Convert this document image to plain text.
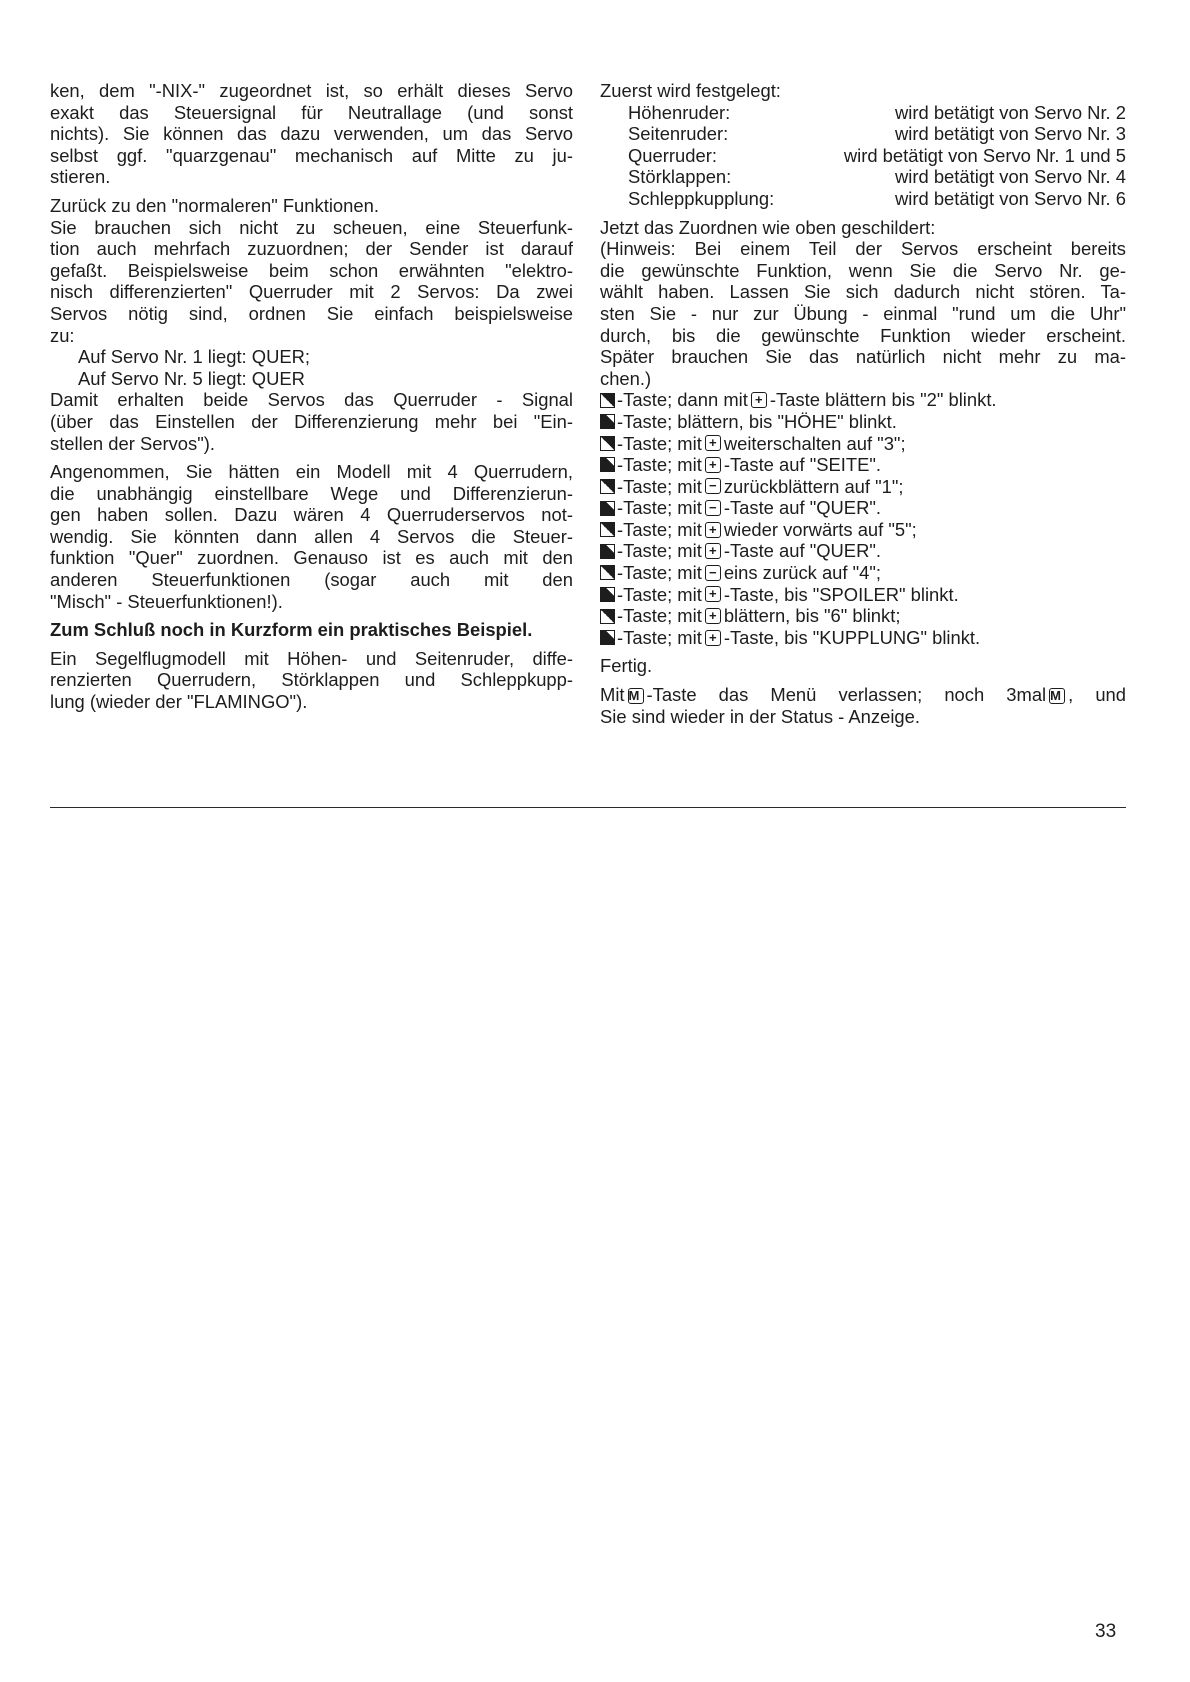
ken, dem "-NIX-" zugeordnet ist, so erhält dieses Servo
exakt das Steuersignal für Neutrallage (und sonst
nichts). Sie können das dazu verwenden, um das Servo
selbst ggf. "quarzgenau" mechanisch auf Mitte zu ju-
stieren.
Zurück zu den "normaleren" Funktionen.
Sie brauchen sich nicht zu scheuen, eine Steuerfunk-
tion auch mehrfach zuzuordnen; der Sender ist darauf
gefaßt. Beispielsweise beim schon erwähnten "elektro-
nisch differenzierten" Querruder mit 2 Servos: Da zwei
Servos nötig sind, ordnen Sie einfach beispielsweise
zu:
Auf Servo Nr. 1 liegt: QUER;
Auf Servo Nr. 5 liegt: QUER
Damit erhalten beide Servos das Querruder - Signal
(über das Einstellen der Differenzierung mehr bei "Ein-
stellen der Servos").
Angenommen, Sie hätten ein Modell mit 4 Querrudern,
die unabhängig einstellbare Wege und Differenzierun-
gen haben sollen. Dazu wären 4 Querruderservos not-
wendig. Sie könnten dann allen 4 Servos die Steuer-
funktion "Quer" zuordnen. Genauso ist es auch mit den
anderen Steuerfunktionen (sogar auch mit den
"Misch" - Steuerfunktionen!).
Zum Schluß noch in Kurzform ein praktisches Beispiel.
Ein Segelflugmodell mit Höhen- und Seitenruder, diffe-
renzierten Querrudern, Störklappen und Schleppkupp-
lung (wieder der "FLAMINGO").
Zuerst wird festgelegt:
Höhenruder:	wird betätigt von Servo Nr. 2
Seitenruder:	wird betätigt von Servo Nr. 3
Querruder:	wird betätigt von Servo Nr. 1 und 5
Störklappen:	wird betätigt von Servo Nr. 4
Schleppkupplung:	wird betätigt von Servo Nr. 6
Jetzt das Zuordnen wie oben geschildert:
(Hinweis: Bei einem Teil der Servos erscheint bereits
die gewünschte Funktion, wenn Sie die Servo Nr. ge-
wählt haben. Lassen Sie sich dadurch nicht stören. Ta-
sten Sie - nur zur Übung - einmal "rund um die Uhr"
durch, bis die gewünschte Funktion wieder erscheint.
Später brauchen Sie das natürlich nicht mehr zu ma-
chen.)
-Taste; dann mit + -Taste blättern bis "2" blinkt.
-Taste; blättern, bis "HÖHE" blinkt.
-Taste; mit + weiterschalten auf "3";
-Taste; mit + -Taste auf "SEITE".
-Taste; mit − zurückblättern auf "1";
-Taste; mit − -Taste auf "QUER".
-Taste; mit + wieder vorwärts auf "5";
-Taste; mit + -Taste auf "QUER".
-Taste; mit − eins zurück auf "4";
-Taste; mit + -Taste, bis "SPOILER" blinkt.
-Taste; mit + blättern, bis "6" blinkt;
-Taste; mit + -Taste, bis "KUPPLUNG" blinkt.
Fertig.
Mit M -Taste das Menü verlassen; noch 3mal M , und
Sie sind wieder in der Status - Anzeige.
33
